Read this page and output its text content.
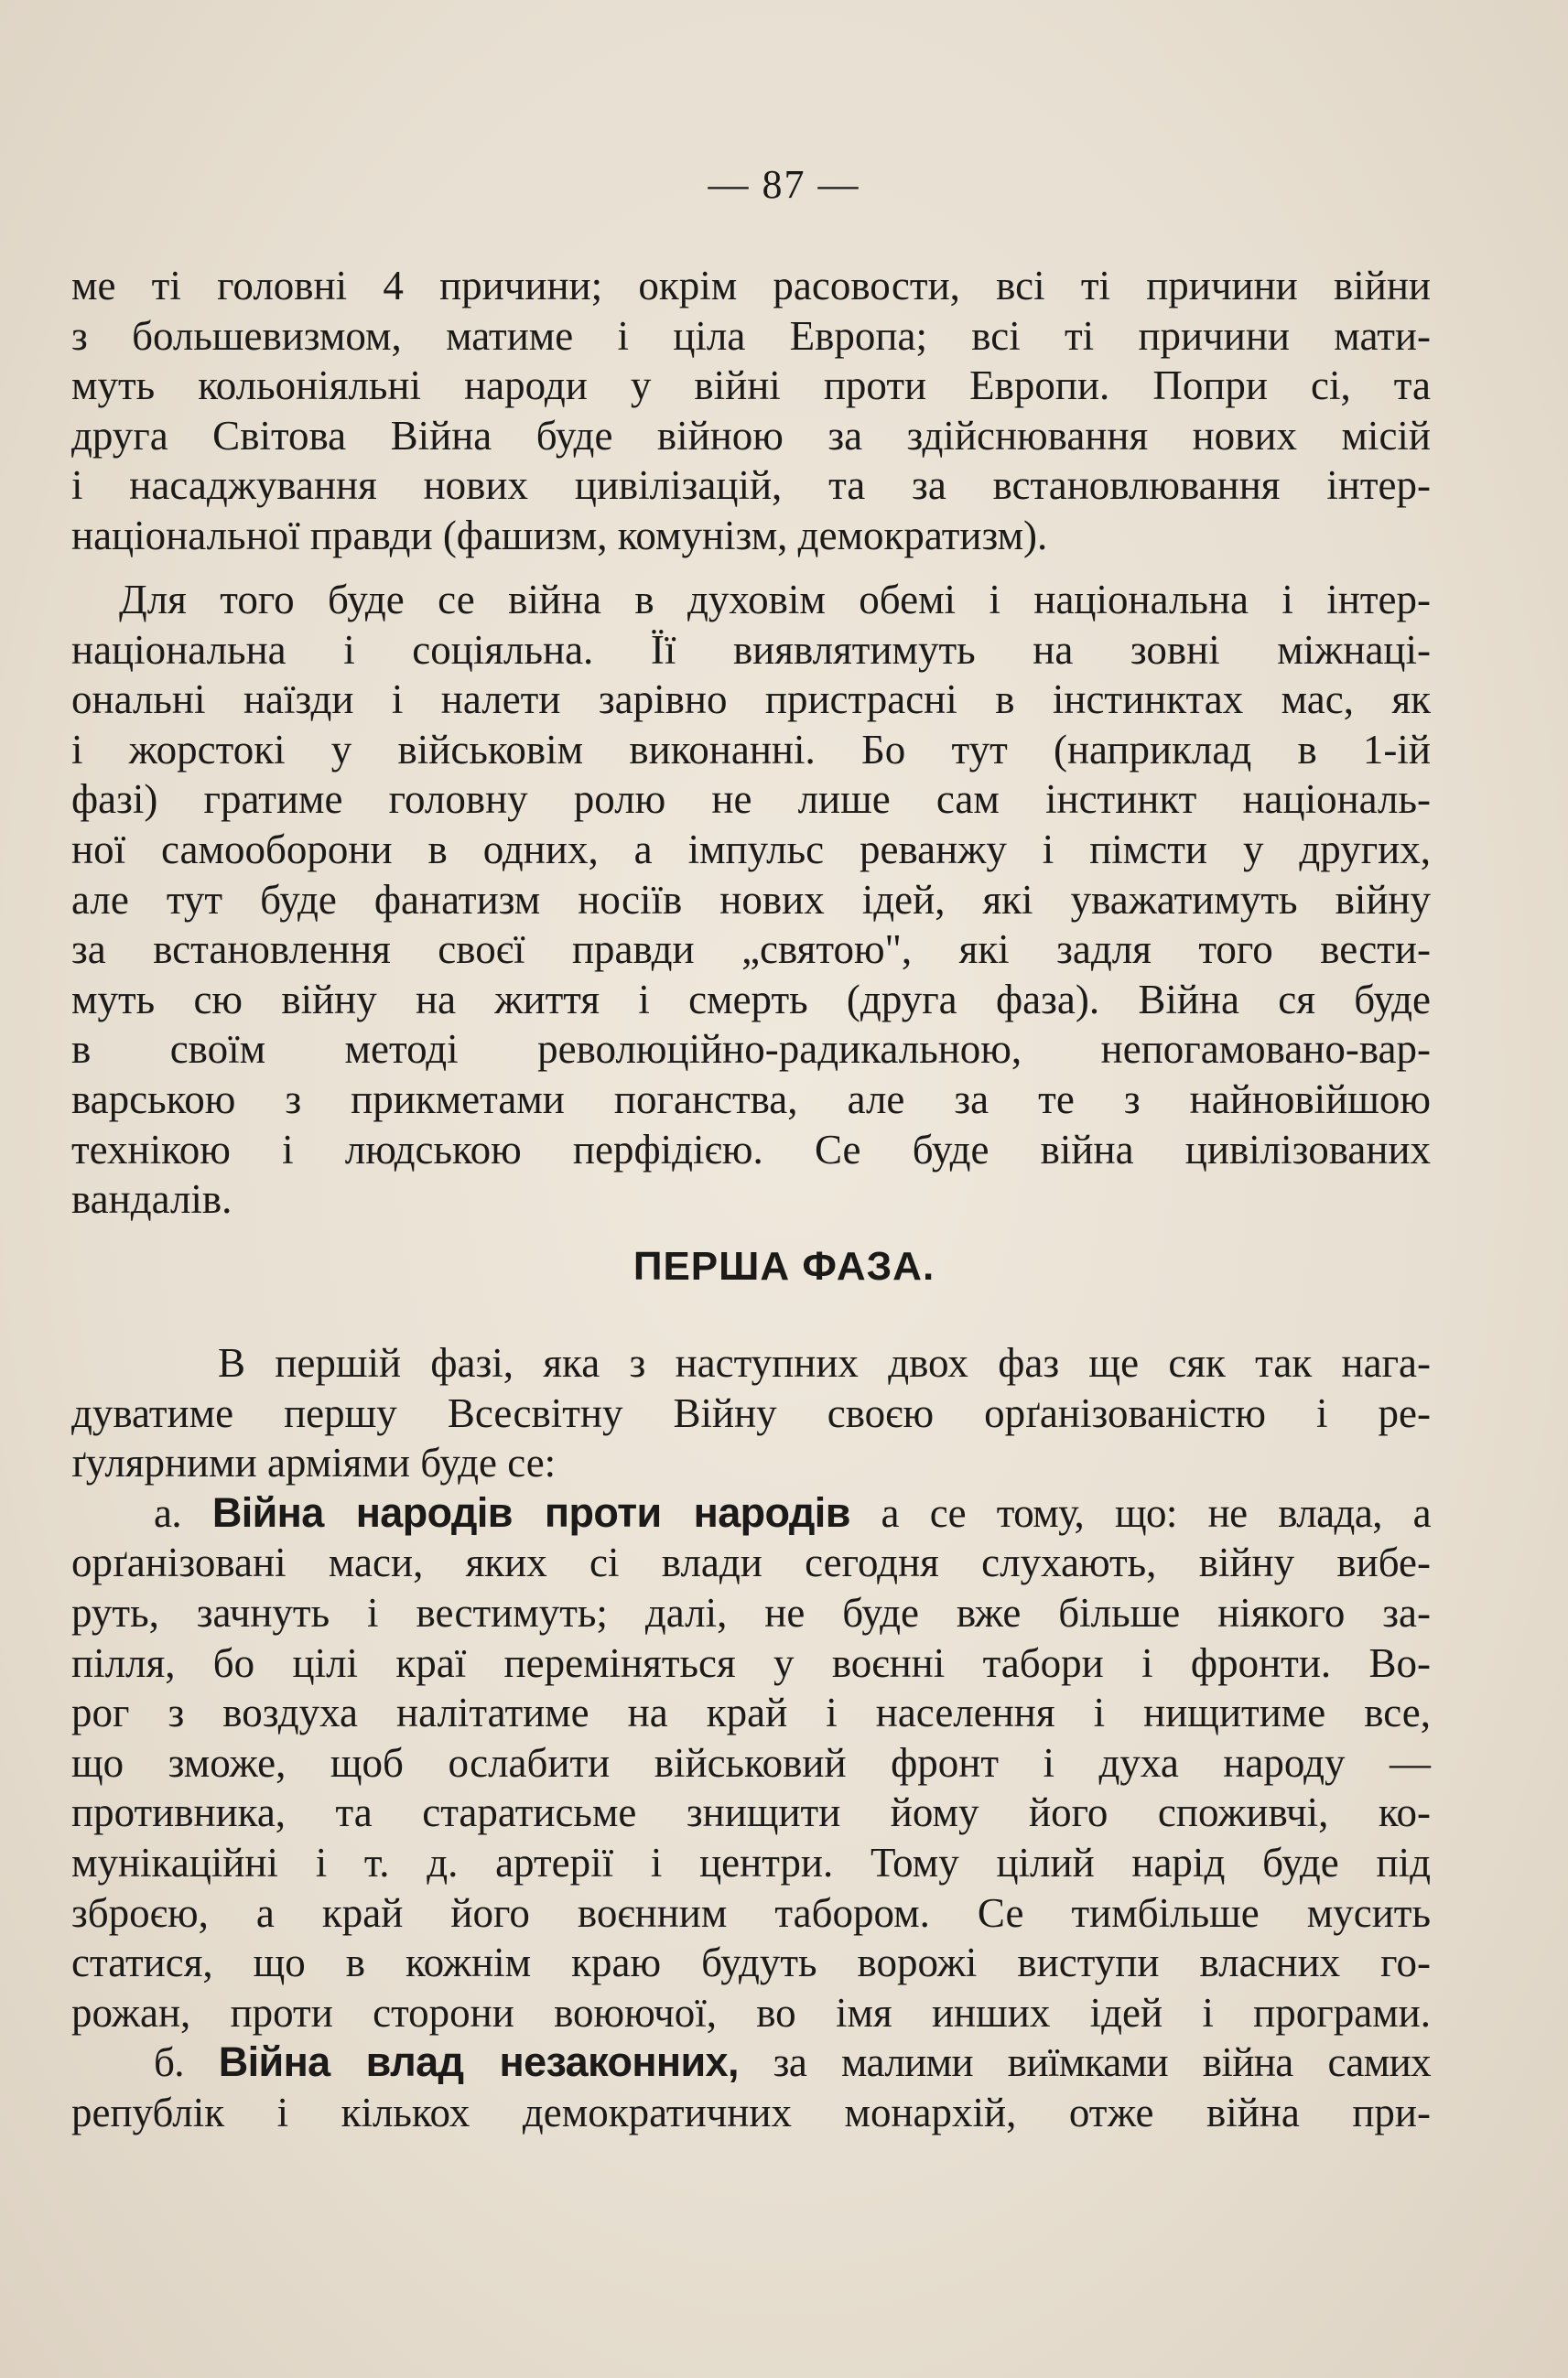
— 87 —
ме ті головні 4 причини; окрім расовости, всі ті причини війни
з большевизмом, матиме і ціла Европа; всі ті причини мати-
муть кольоніяльні народи у війні проти Европи. Попри сі, та
друга Світова Війна буде війною за здійснювання нових місій
і насаджування нових цивілізацій, та за встановлювання інтер-
національної правди (фашизм, комунізм, демократизм).
Для того буде се війна в духовім обемі і національна і інтер-
національна і соціяльна. Її виявлятимуть на зовні міжнаці-
ональні наїзди і налети зарівно пристрасні в інстинктах мас, як
і жорстокі у військовім виконанні. Бо тут (наприклад в 1-ій
фазі) гратиме головну ролю не лише сам інстинкт національ-
ної самооборони в одних, а імпульс реванжу і пімсти у других,
але тут буде фанатизм носіїв нових ідей, які уважатимуть війну
за встановлення своєї правди „святою", які задля того вести-
муть сю війну на життя і смерть (друга фаза). Війна ся буде
в своїм методі революційно-радикальною, непогамовано-вар-
варською з прикметами поганства, але за те з найновійшою
технікою і людською перфідією. Се буде війна цивілізованих
вандалів.
ПЕРША ФАЗА.
В першій фазі, яка з наступних двох фаз ще сяк так нага-
дуватиме першу Всесвітну Війну своєю орґанізованістю і ре-
ґулярними арміями буде се:
а. Війна народів проти народів а се тому, що: не влада, а
орґанізовані маси, яких сі влади сегодня слухають, війну вибе-
руть, зачнуть і вестимуть; далі, не буде вже більше ніякого за-
пілля, бо цілі краї переміняться у воєнні табори і фронти. Во-
рог з воздуха налітатиме на край і населення і нищитиме все,
що зможе, щоб ослабити військовий фронт і духа народу —
противника, та старатисьме знищити йому його споживчі, ко-
мунікаційні і т. д. артерії і центри. Тому цілий нарід буде під
зброєю, а край його воєнним табором. Се тимбільше мусить
статися, що в кожнім краю будуть ворожі виступи власних го-
рожан, проти сторони воюючої, во імя инших ідей і програми.
б. Війна влад незаконних, за малими виїмками війна самих
републік і кількох демократичних монархій, отже війна при-
